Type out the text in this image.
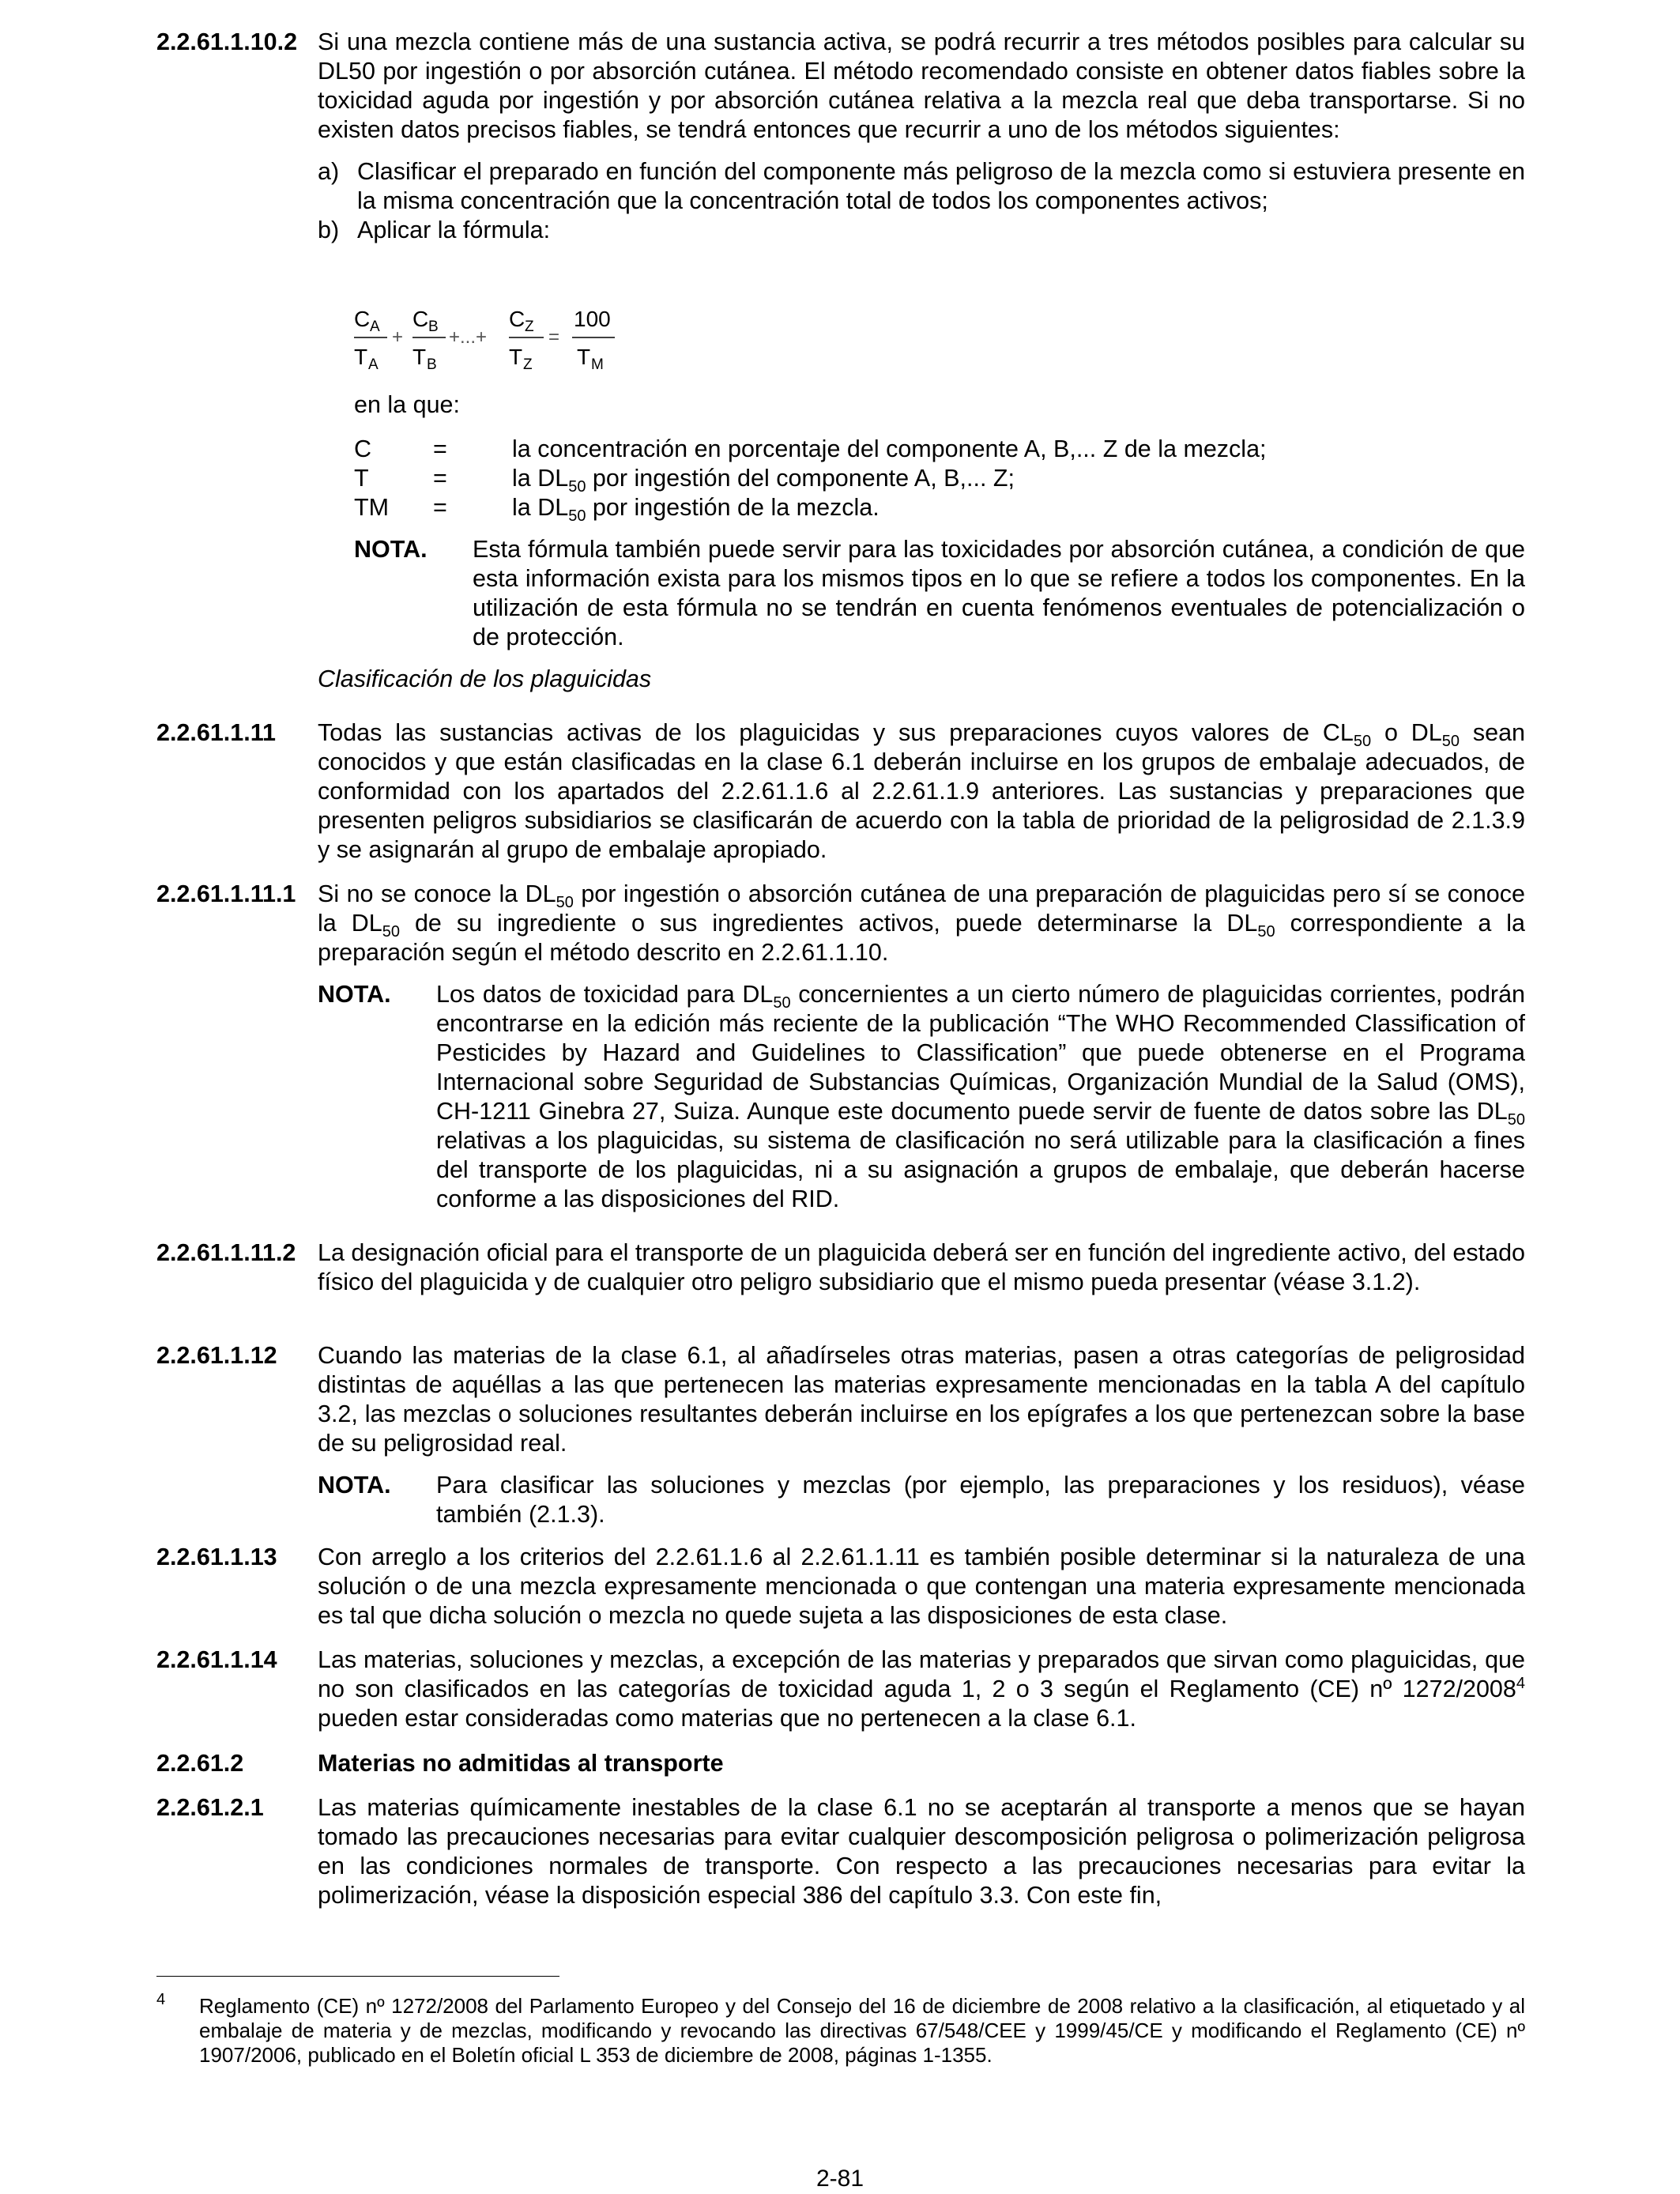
2.2.61.1.10.2 Si una mezcla contiene más de una sustancia activa, se podrá recurrir a tres métodos posibles para calcular su DL50 por ingestión o por absorción cutánea. El método recomendado consiste en obtener datos fiables sobre la toxicidad aguda por ingestión y por absorción cutánea relativa a la mezcla real que deba transportarse. Si no existen datos precisos fiables, se tendrá entonces que recurrir a uno de los métodos siguientes:
a) Clasificar el preparado en función del componente más peligroso de la mezcla como si estuviera presente en la misma concentración que la concentración total de todos los componentes activos;
b) Aplicar la fórmula:
C A
T A
+
C B
T B
+...+
C Z
T Z
=
100
T M
en la que:
C	=	la concentración en porcentaje del componente A, B,... Z de la mezcla;
T	=	la $DL_{50}$ por ingestión del componente A, B,... Z;
TM =	la $DL_{50}$ por ingestión de la mezcla.
NOTA. Esta fórmula también puede servir para las toxicidades por absorción cutánea, a condición de que esta información exista para los mismos tipos en lo que se refiere a todos los componentes. En la utilización de esta fórmula no se tendrán en cuenta fenómenos eventuales de potencialización o de protección.
Clasificación de los plaguicidas
2.2.61.1.11 Todas las sustancias activas de los plaguicidas y sus preparaciones cuyos valores de $CL_{50}$ o $DL_{50}$ sean conocidos y que están clasificadas en la clase 6.1 deberán incluirse en los grupos de embalaje adecuados, de conformidad con los apartados del 2.2.61.1.6 al 2.2.61.1.9 anteriores. Las sustancias y preparaciones que presenten peligros subsidiarios se clasificarán de acuerdo con la tabla de prioridad de la peligrosidad de 2.1.3.9 y se asignarán al grupo de embalaje apropiado.
2.2.61.1.11.1 Si no se conoce la $DL_{50}$ por ingestión o absorción cutánea de una preparación de plaguicidas pero sí se conoce la $DL_{50}$ de su ingrediente o sus ingredientes activos, puede determinarse la $DL_{50}$ correspondiente a la preparación según el método descrito en 2.2.61.1.10.
NOTA. Los datos de toxicidad para $DL_{50}$ concernientes a un cierto número de plaguicidas corrientes, podrán encontrarse en la edición más reciente de la publicación “The WHO Recommended Classification of Pesticides by Hazard and Guidelines to Classification” que puede obtenerse en el Programa Internacional sobre Seguridad de Substancias Químicas, Organización Mundial de la Salud (OMS), CH-1211 Ginebra 27, Suiza. Aunque este documento puede servir de fuente de datos sobre las $DL_{50}$ relativas a los plaguicidas, su sistema de clasificación no será utilizable para la clasificación a fines del transporte de los plaguicidas, ni a su asignación a grupos de embalaje, que deberán hacerse conforme a las disposiciones del RID.
2.2.61.1.11.2 La designación oficial para el transporte de un plaguicida deberá ser en función del ingrediente activo, del estado físico del plaguicida y de cualquier otro peligro subsidiario que el mismo pueda presentar (véase 3.1.2).
2.2.61.1.12 Cuando las materias de la clase 6.1, al añadírseles otras materias, pasen a otras categorías de peligrosidad distintas de aquéllas a las que pertenecen las materias expresamente mencionadas en la tabla A del capítulo 3.2, las mezclas o soluciones resultantes deberán incluirse en los epígrafes a los que pertenezcan sobre la base de su peligrosidad real.
NOTA. Para clasificar las soluciones y mezclas (por ejemplo, las preparaciones y los residuos), véase también (2.1.3).
2.2.61.1.13 Con arreglo a los criterios del 2.2.61.1.6 al 2.2.61.1.11 es también posible determinar si la naturaleza de una solución o de una mezcla expresamente mencionada o que contengan una materia expresamente mencionada es tal que dicha solución o mezcla no quede sujeta a las disposiciones de esta clase.
2.2.61.1.14 Las materias, soluciones y mezclas, a excepción de las materias y preparados que sirvan como plaguicidas, que no son clasificados en las categorías de toxicidad aguda 1, 2 o 3 según el Reglamento (CE) nº 1272/2008$^4$ pueden estar consideradas como materias que no pertenecen a la clase 6.1.
2.2.61.2	Materias no admitidas al transporte
2.2.61.2.1 Las materias químicamente inestables de la clase 6.1 no se aceptarán al transporte a menos que se hayan tomado las precauciones necesarias para evitar cualquier descomposición peligrosa o polimerización peligrosa en las condiciones normales de transporte. Con respecto a las precauciones necesarias para evitar la polimerización, véase la disposición especial 386 del capítulo 3.3. Con este fin,
4 Reglamento (CE) nº 1272/2008 del Parlamento Europeo y del Consejo del 16 de diciembre de 2008 relativo a la clasificación, al etiquetado y al embalaje de materia y de mezclas, modificando y revocando las directivas 67/548/CEE y 1999/45/CE y modificando el Reglamento (CE) nº 1907/2006, publicado en el Boletín oficial L 353 de diciembre de 2008, páginas 1-1355.
2-81
